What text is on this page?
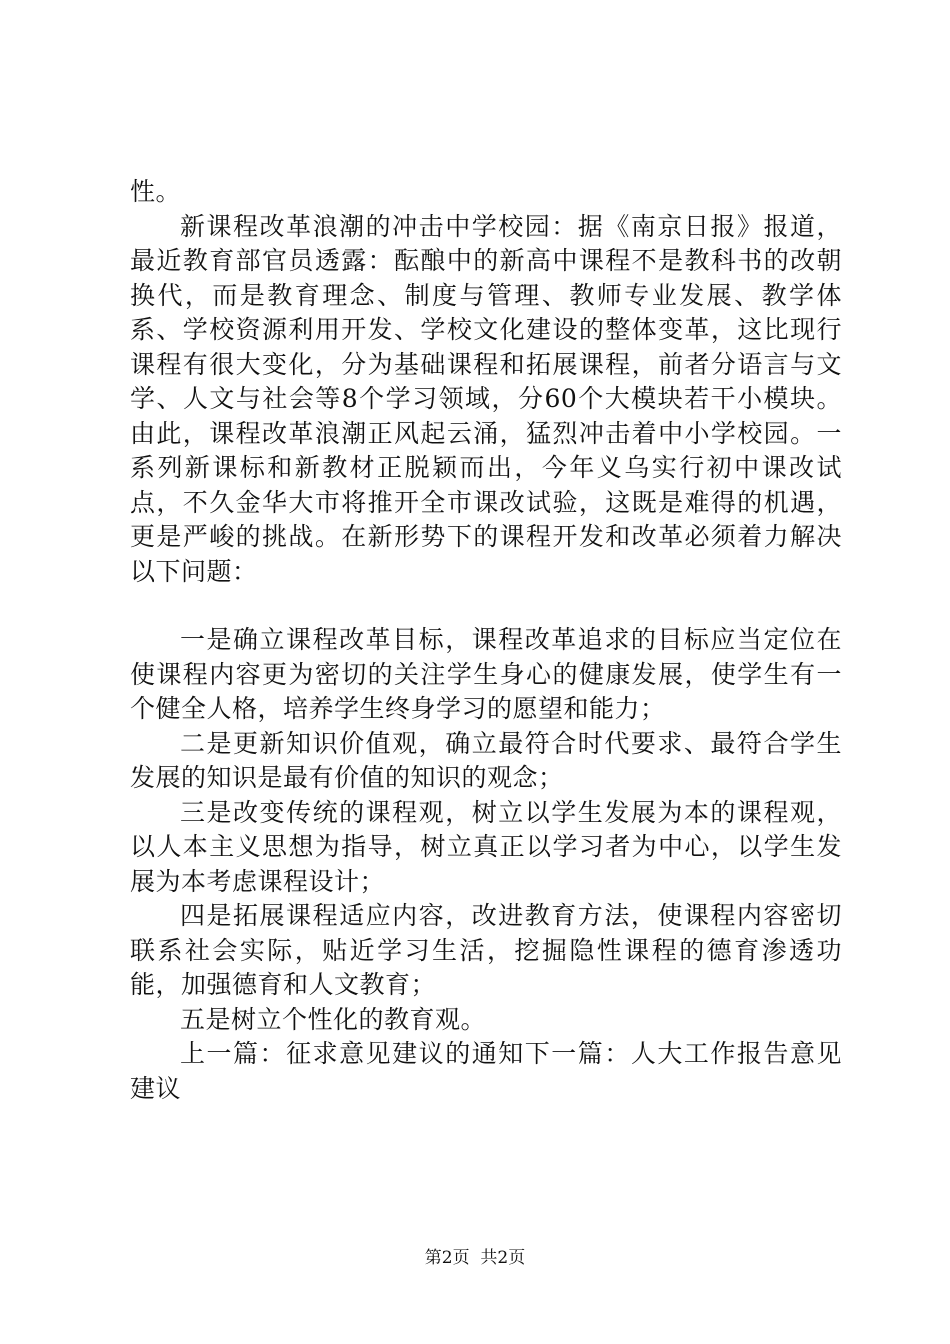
性。

新课程改革浪潮的冲击中学校园：据《南京日报》报道，最近教育部官员透露：酝酿中的新高中课程不是教科书的改朝换代，而是教育理念、制度与管理、教师专业发展、教学体系、学校资源利用开发、学校文化建设的整体变革，这比现行课程有很大变化，分为基础课程和拓展课程，前者分语言与文学、人文与社会等8个学习领域，分60个大模块若干小模块。由此，课程改革浪潮正风起云涌，猛烈冲击着中小学校园。一系列新课标和新教材正脱颖而出，今年义乌实行初中课改试点，不久金华大市将推开全市课改试验，这既是难得的机遇，更是严峻的挑战。在新形势下的课程开发和改革必须着力解决以下问题：

一是确立课程改革目标，课程改革追求的目标应当定位在使课程内容更为密切的关注学生身心的健康发展，使学生有一个健全人格，培养学生终身学习的愿望和能力；

二是更新知识价值观，确立最符合时代要求、最符合学生发展的知识是最有价值的知识的观念；

三是改变传统的课程观，树立以学生发展为本的课程观，以人本主义思想为指导，树立真正以学习者为中心，以学生发展为本考虑课程设计；

四是拓展课程适应内容，改进教育方法，使课程内容密切联系社会实际，贴近学习生活，挖掘隐性课程的德育渗透功能，加强德育和人文教育；

五是树立个性化的教育观。

上一篇：征求意见建议的通知下一篇：人大工作报告意见建议

第2页  共2页
